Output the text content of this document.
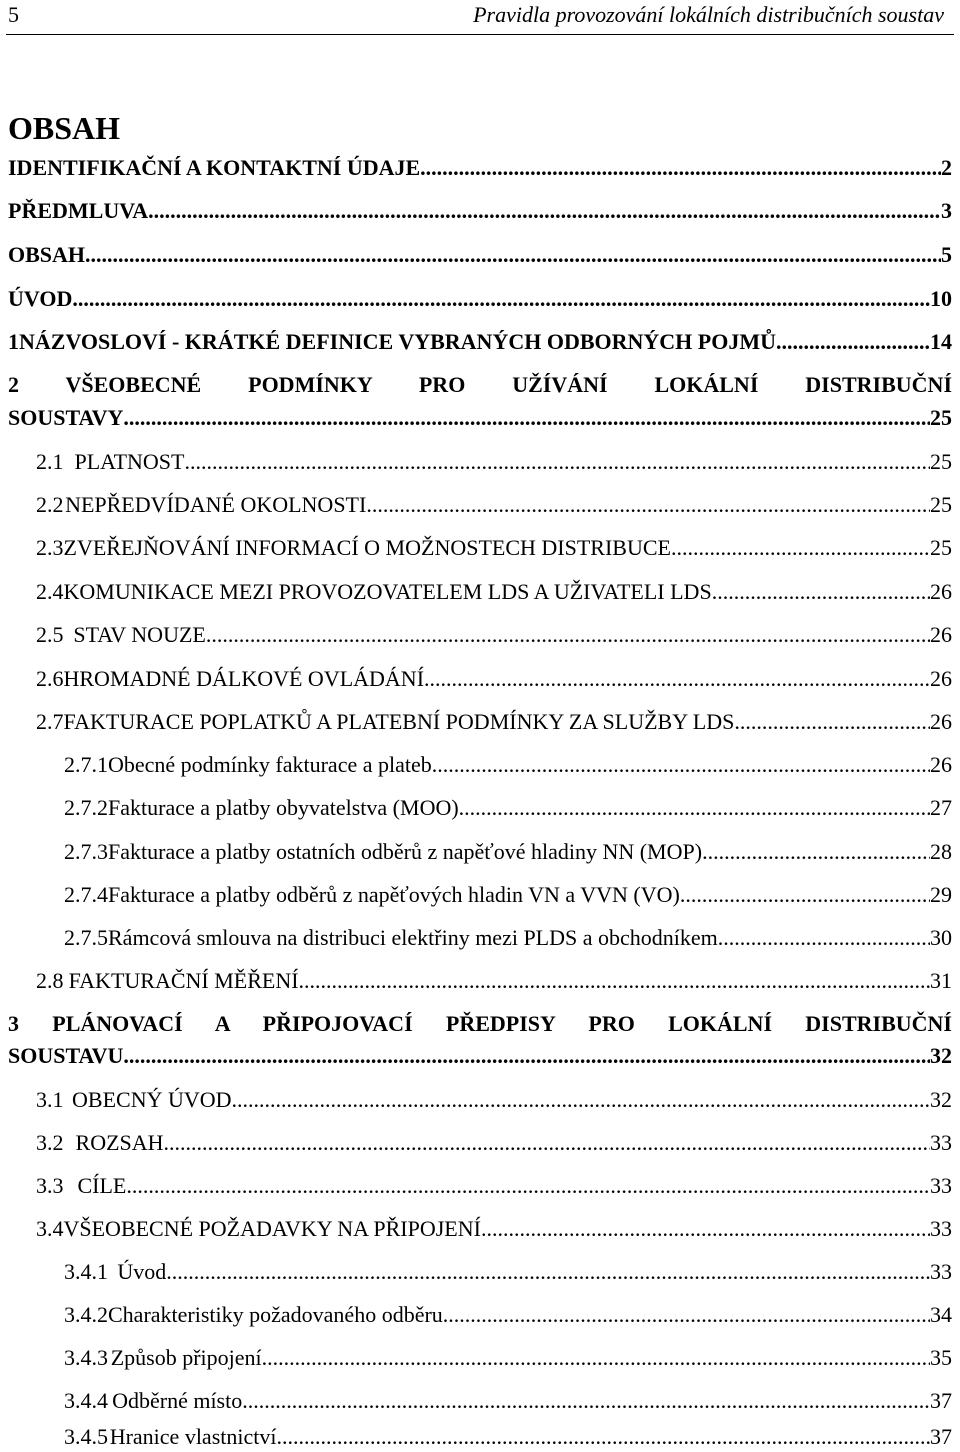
5	Pravidla provozování lokálních distribučních soustav
OBSAH
IDENTIFIKAČNÍ A KONTAKTNÍ ÚDAJE .....	2
PŘEDMLUVA .....	3
OBSAH .....	5
ÚVOD .....	10
1 NÁZVOSLOVÍ - KRÁTKÉ DEFINICE VYBRANÝCH ODBORNÝCH POJMŮ .....	14
2 VŠEOBECNÉ PODMÍNKY PRO UŽÍVÁNÍ LOKÁLNÍ DISTRIBUČNÍ
SOUSTAVY .....	25
2.1 PLATNOST .....	25
2.2 NEPŘEDVÍDANÉ OKOLNOSTI .....	25
2.3 ZVEŘEJŇOVÁNÍ INFORMACÍ O MOŽNOSTECH DISTRIBUCE .....	25
2.4 KOMUNIKACE MEZI PROVOZOVATELEM LDS A UŽIVATELI LDS .....	26
2.5 STAV NOUZE .....	26
2.6 HROMADNÉ DÁLKOVÉ OVLÁDÁNÍ .....	26
2.7 FAKTURACE POPLATKŮ A PLATEBNÍ PODMÍNKY ZA SLUŽBY LDS .....	26
2.7.1 Obecné podmínky fakturace a plateb .....	26
2.7.2 Fakturace a platby obyvatelstva (MOO) .....	27
2.7.3 Fakturace a platby ostatních odběrů z napěťové hladiny NN (MOP) .....	28
2.7.4 Fakturace a platby odběrů z napěťových hladin VN a VVN (VO) .....	29
2.7.5 Rámcová smlouva na distribuci elektřiny mezi PLDS a obchodníkem .....	30
2.8 FAKTURAČNÍ MĚŘENÍ .....	31
3 PLÁNOVACÍ A PŘIPOJOVACÍ PŘEDPISY PRO LOKÁLNÍ DISTRIBUČNÍ
SOUSTAVU .....	32
3.1 OBECNÝ ÚVOD .....	32
3.2 ROZSAH .....	33
3.3 CÍLE .....	33
3.4 VŠEOBECNÉ POŽADAVKY NA PŘIPOJENÍ .....	33
3.4.1 Úvod .....	33
3.4.2 Charakteristiky požadovaného odběru .....	34
3.4.3 Způsob připojení .....	35
3.4.4 Odběrné místo .....	37
3.4.5 Hranice vlastnictví .....	37
